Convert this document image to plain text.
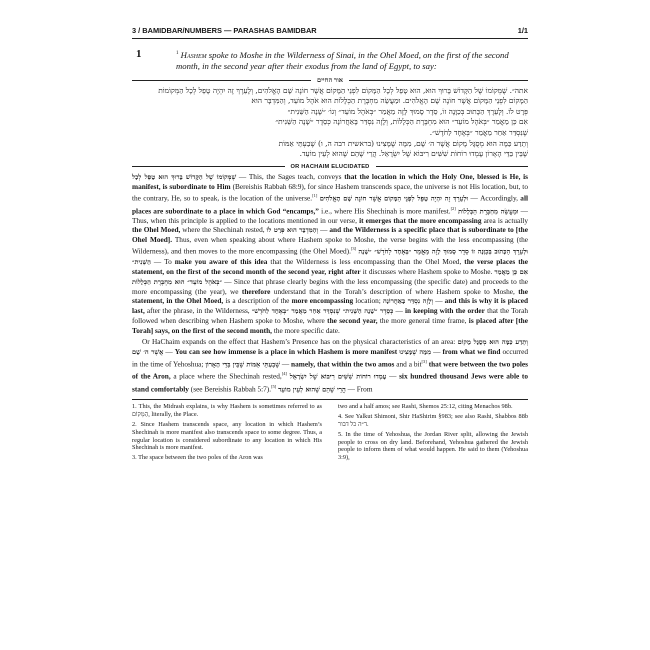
3 / BAMIDBAR/NUMBERS — PARASHAS BAMIDBAR	1/1
1	$^1$ Hashem spoke to Moshe in the Wilderness of Sinai, in the Ohel Moed, on the first of the second month, in the second year after their exodus from the land of Egypt, to say:
אור החיים

אתה״. שֶׁמְּקוֹמוֹ שֶׁל הַקָּדוֹשׁ בָּרוּךְ הוּא, הוּא טָפֵל לְכָל הַמָּקוֹם לִפְנֵי הַמָּקוֹם אֲשֶׁר חוֹנֶה שָׁם הָאֱלֹהִים, וְלָעֵרֶךְ זֶה יִהְיֶה טָפֵל לְכָל הַמְּקוֹמוֹת

הַמָּקוֹם לִפְנֵי הַמָּקוֹם אֲשֶׁר חוֹנֶה שָׁם הָאֱלֹהִים. וּמַעֲשֵׂה מִחְבֶּרֶת הַכְּלָלוֹת הוּא אֹהֶל מוֹעֵד, וְהַמִּדְבָּר הוּא

פְּרָט לוֹ. וְלָעֵרֶךְ הַכָּתוּב בְּכַוָּנָה זוֹ, סֵדֶר סָמוּךְ לָזֶה מַאֲמַר ״בְּאֹהֶל מוֹעֵד״ וְגוֹ׳ ״שָׁנָה הַשֵּׁנִית״

אִם כֵּן מַאֲמַר ״בְּאֹהֶל מוֹעֵד״ הוּא מִחְבֶּרֶת הַכְּלָלוֹת, וְלָזֶה נִסְדַּר בָּאַחֲרוֹנָה כְּסֵדֶר ״שָׁנָה הַשֵּׁנִית״

שֶׁנִּסְדַּר אַחַר מַאֲמַר ״בְּאֶחָד לַחֹדֶשׁ״.

וְתֵדַע כַּמָּה הוּא מְסֻגָּל מָקוֹם אֲשֶׁר ה׳ שָׁם, מִמָּה שֶׁמָּצִינוּ (בראשית רבה ה, ו) שֶׁבַעְתֵּי אַמּוֹת

שֶׁבֵּין בַּדֵּי הָאָרוֹן עָמְדוּ רוֹחוֹת שִׁשִּׁים רִיבּוֹא שֶׁל יִשְׂרָאֵל. הֲרֵי שֶׁהֵם שֶׁהוּא לְעֵין מוֹעֵד.

OR HACHAIM ELUCIDATED

שֶׁמְּקוֹמוֹ שֶׁל הַקָּדוֹשׁ בָּרוּךְ הוּא טָפֵל לְכָל — This, the Sages teach, conveys that the location in which the Holy One, blessed is He, is manifest, is subordinate to Him (Bereishis Rabbah 68:9), for since Hashem transcends space, the universe is not His location, but, to the contrary, He, so to speak, is the location of the universe.[1] וּלְעֵרֶךְ זֶה יִהְיֶה טָפֵל לִפְנֵי הַמָּקוֹם אֲשֶׁר חוֹנֶה שָׁם הָאֱלֹהִים — Accordingly, all places are subordinate to a place in which God “encamps,” i.e., where His Shechinah is more manifest.[2] וּמַעֲשֵׂה מִחְבֶּרֶת הַכְּלָלוֹת — Thus, when this principle is applied to the locations mentioned in our verse, it emerges that the more encompassing area is actually the Ohel Moed, where the Shechinah rested, וְהַמִּדְבָּר הוּא פְּרָט לוֹ — and the Wilderness is a specific place that is subordinate to [the Ohel Moed]. Thus, even when speaking about where Hashem spoke to Moshe, the verse begins with the less encompassing (the Wilderness), and then moves to the more encompassing (the Ohel Moed).[3] וּלְעֵרֶךְ הַכָּתוּב בְּכַוָּנָה זוֹ סֵדֶר סָמוּךְ לָזֶה מַאֲמַר ״בְּאֶחָד לַחֹדֶשׁ״ ״שָׁנָה הַשֵּׁנִית״ — To make you aware of this idea that the Wilderness is less encompassing than the Ohel Moed, the verse places the statement, on the first of the second month of the second year, right after it discusses where Hashem spoke to Moshe. אִם כֵּן מַאֲמַר ״בְּאֹהֶל מוֹעֵד״ הוּא מִחְבֶּרֶת הַכְּלָלוֹת — Since that phrase clearly begins with the less encompassing (the specific date) and proceeds to the more encompassing (the year), we therefore understand that in the Torah’s description of where Hashem spoke to Moshe, the statement, in the Ohel Moed, is a description of the more encompassing location; וְלָזֶה נִסְדַּר בָּאַחֲרוֹנָה — and this is why it is placed last, after the phrase, in the Wilderness, כְּסֵדֶר ״שָׁנָה הַשֵּׁנִית״ שֶׁנִּסְדַּר אַחַר מַאֲמַר ״בְּאֶחָד לַחֹדֶשׁ״ — in keeping with the order that the Torah followed when describing when Hashem spoke to Moshe, where the second year, the more general time frame, is placed after [the Torah] says, on the first of the second month, the more specific date.

Or HaChaim expands on the effect that Hashem’s Presence has on the physical characteristics of an area: וְתֵדַע כַּמָּה הוּא מְסֻגָּל מָקוֹם אֲשֶׁר ה׳ שָׁם — You can see how immense is a place in which Hashem is more manifest מִמָּה שֶׁמָּצִינוּ — from what we find occurred in the time of Yehoshua; שֶׁבַעְתֵּי אַמּוֹת שֶׁבֵּין בַּדֵּי הָאָרוֹן — namely, that within the two amos and a bit[3] that were between the two poles of the Aron, a place where the Shechinah rested,[4] עָמְדוּ רוֹחוֹת שִׁשִּׁים רִיבּוֹא שֶׁל יִשְׂרָאֵל — six hundred thousand Jews were able to stand comfortably (see Bereishis Rabbah 5:7).[5] הֲרֵי שֶׁהֵם שֶׁהוּא לְעֵין מוֹעֵד — From

1. This, the Midrash explains, is why Hashem is sometimes referred to as הַמָּקוֹם, literally, the Place.

2. Since Hashem transcends space, any location in which Hashem’s Shechinah is more manifest also transcends space to some degree. Thus, a regular location is considered subordinate to any location in which His Shechinah is more manifest.

3. The space between the two poles of the Aron was

two and a half amos; see Rashi, Shemos 25:12, citing Menachos 98b.

4. See Yalkut Shimoni, Shir HaShirim §983; see also Rashi, Shabbos 88b ד״ה כל דבור.

5. In the time of Yehoshua, the Jordan River split, allowing the Jewish people to cross on dry land. Beforehand, Yehoshua gathered the Jewish people to inform them of what would happen. He said to them (Yehoshua 3:9),
